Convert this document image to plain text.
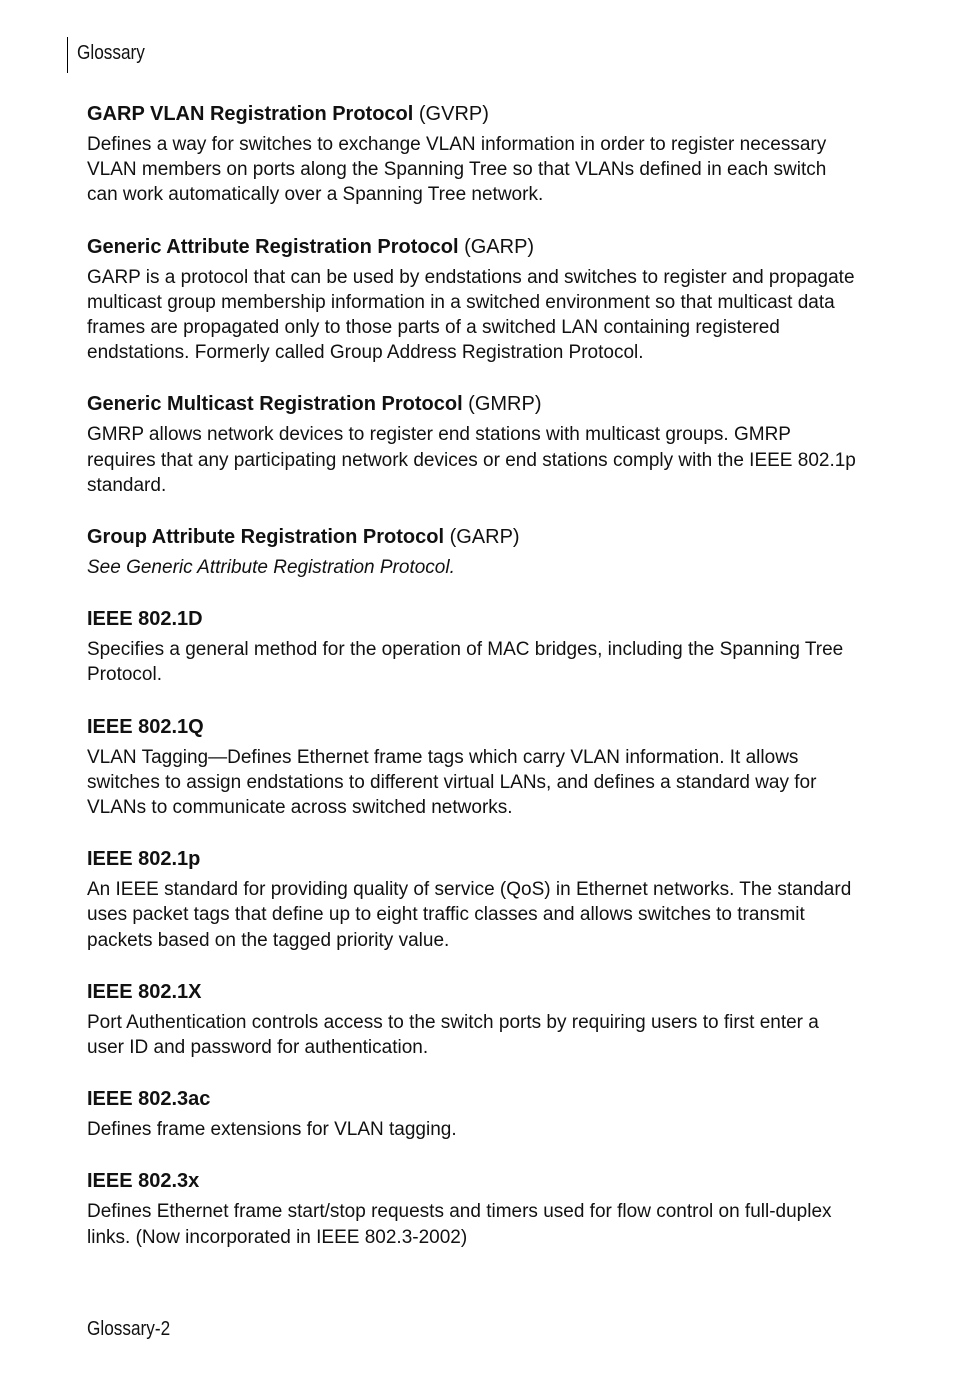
Glossary
GARP VLAN Registration Protocol (GVRP)

Defines a way for switches to exchange VLAN information in order to register necessary VLAN members on ports along the Spanning Tree so that VLANs defined in each switch can work automatically over a Spanning Tree network.

Generic Attribute Registration Protocol (GARP)

GARP is a protocol that can be used by endstations and switches to register and propagate multicast group membership information in a switched environment so that multicast data frames are propagated only to those parts of a switched LAN containing registered endstations. Formerly called Group Address Registration Protocol.

Generic Multicast Registration Protocol (GMRP)

GMRP allows network devices to register end stations with multicast groups. GMRP requires that any participating network devices or end stations comply with the IEEE 802.1p standard.

Group Attribute Registration Protocol (GARP)

See Generic Attribute Registration Protocol.

IEEE 802.1D

Specifies a general method for the operation of MAC bridges, including the Spanning Tree Protocol.

IEEE 802.1Q

VLAN Tagging—Defines Ethernet frame tags which carry VLAN information. It allows switches to assign endstations to different virtual LANs, and defines a standard way for VLANs to communicate across switched networks.

IEEE 802.1p

An IEEE standard for providing quality of service (QoS) in Ethernet networks. The standard uses packet tags that define up to eight traffic classes and allows switches to transmit packets based on the tagged priority value.

IEEE 802.1X

Port Authentication controls access to the switch ports by requiring users to first enter a user ID and password for authentication.

IEEE 802.3ac

Defines frame extensions for VLAN tagging.

IEEE 802.3x

Defines Ethernet frame start/stop requests and timers used for flow control on full-duplex links. (Now incorporated in IEEE 802.3-2002)

Glossary-2
